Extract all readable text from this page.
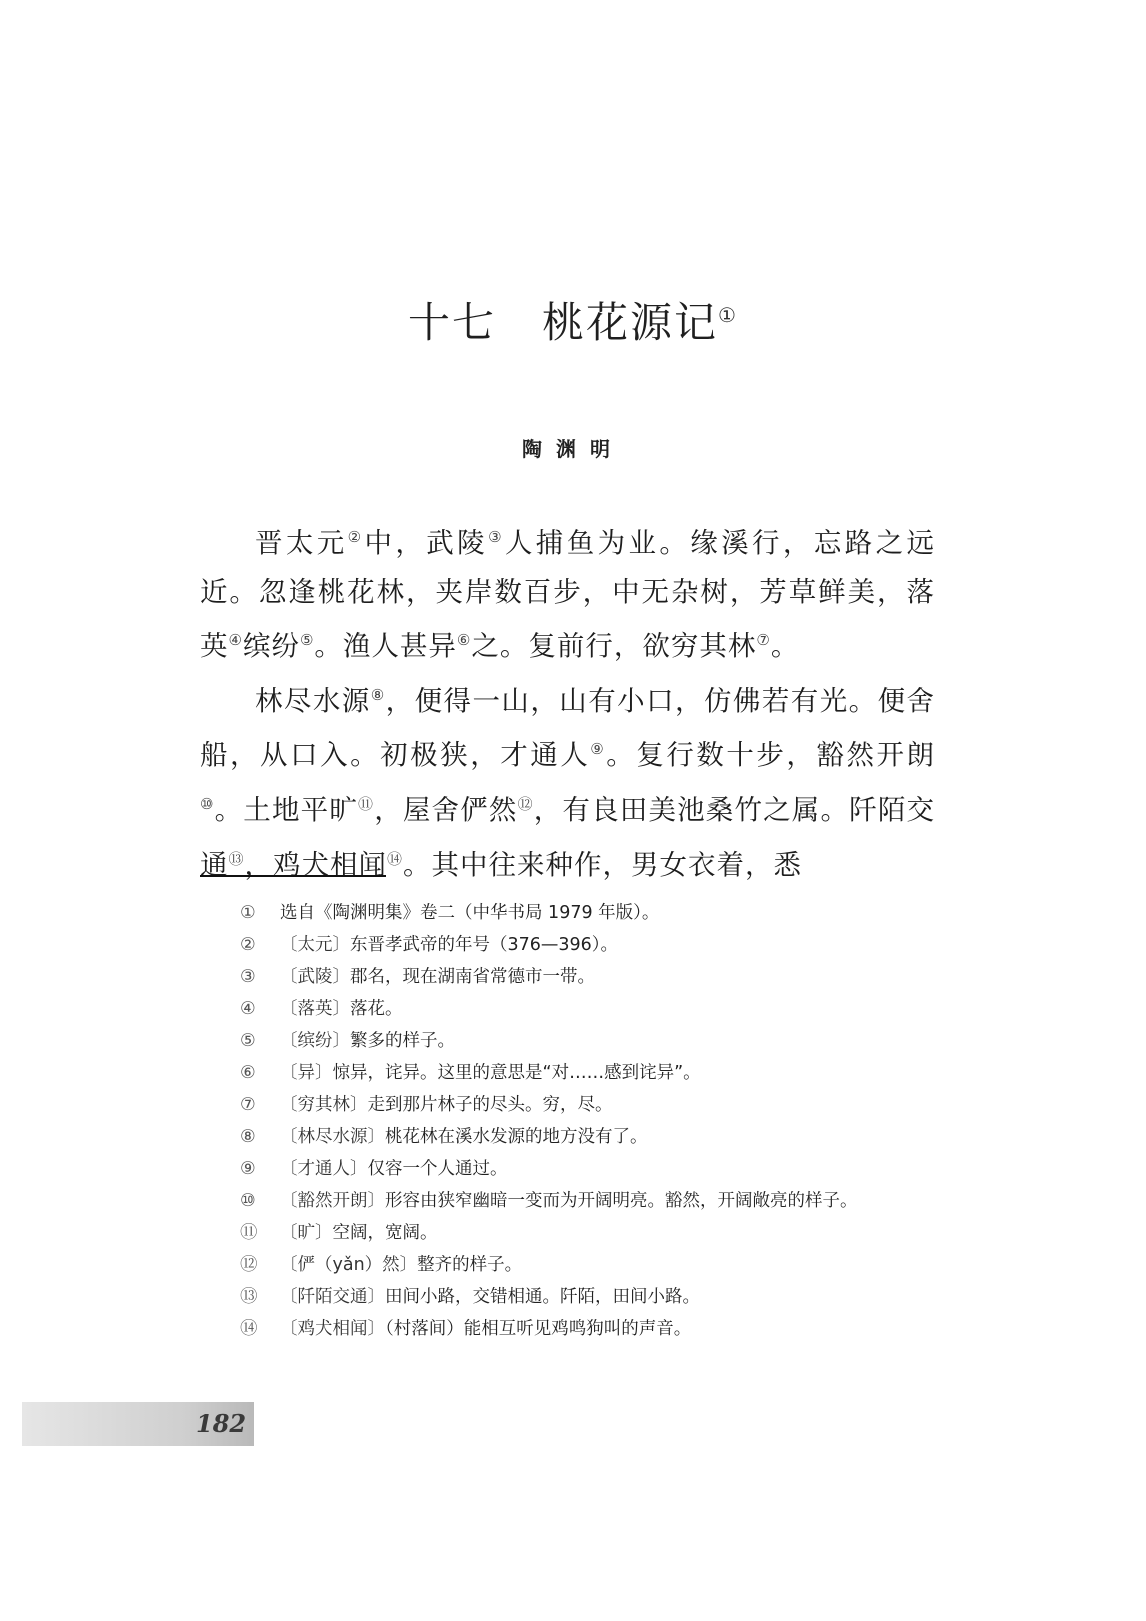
十七 桃花源记①
陶渊明

晋太元②中，武陵③人捕鱼为业。缘溪行，忘路之远近。忽逢桃花林，夹岸数百步，中无杂树，芳草鲜美，落英④缤纷⑤。渔人甚异⑥之。复前行，欲穷其林⑦。

林尽水源⑧，便得一山，山有小口，仿佛若有光。便舍船，从口入。初极狭，才通人⑨。复行数十步，豁然开朗⑩。土地平旷⑪，屋舍俨然⑫，有良田美池桑竹之属。阡陌交通⑬，鸡犬相闻⑭。其中往来种作，男女衣着，悉

① 选自《陶渊明集》卷二（中华书局 1979 年版）。

② 〔太元〕东晋孝武帝的年号（376—396）。

③ 〔武陵〕郡名，现在湖南省常德市一带。

④ 〔落英〕落花。

⑤ 〔缤纷〕繁多的样子。

⑥ 〔异〕惊异，诧异。这里的意思是“对……感到诧异”。

⑦ 〔穷其林〕走到那片林子的尽头。穷，尽。

⑧ 〔林尽水源〕桃花林在溪水发源的地方没有了。

⑨ 〔才通人〕仅容一个人通过。

⑩ 〔豁然开朗〕形容由狭窄幽暗一变而为开阔明亮。豁然，开阔敞亮的样子。

⑪ 〔旷〕空阔，宽阔。

⑫ 〔俨（yǎn）然〕整齐的样子。

⑬ 〔阡陌交通〕田间小路，交错相通。阡陌，田间小路。

⑭ 〔鸡犬相闻〕（村落间）能相互听见鸡鸣狗叫的声音。

182
